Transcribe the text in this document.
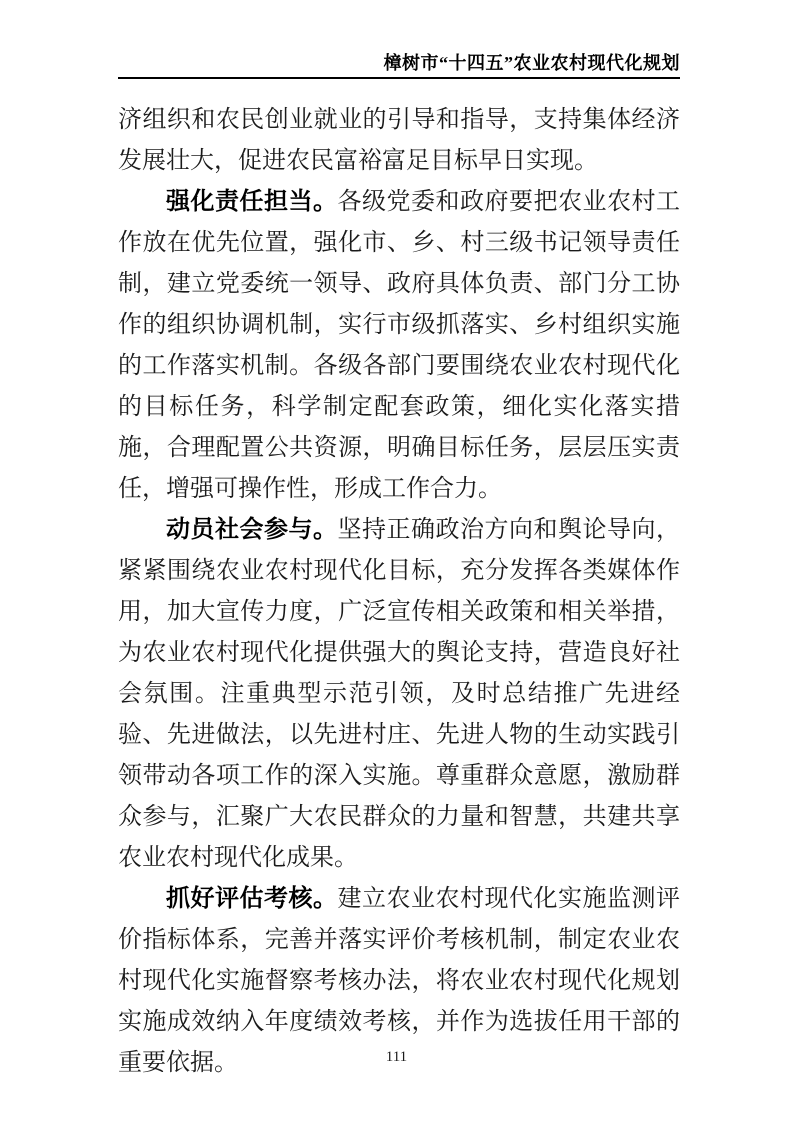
樟树市“十四五”农业农村现代化规划

济组织和农民创业就业的引导和指导，支持集体经济发展壮大，促进农民富裕富足目标早日实现。

强化责任担当。各级党委和政府要把农业农村工作放在优先位置，强化市、乡、村三级书记领导责任制，建立党委统一领导、政府具体负责、部门分工协作的组织协调机制，实行市级抓落实、乡村组织实施的工作落实机制。各级各部门要围绕农业农村现代化的目标任务，科学制定配套政策，细化实化落实措施，合理配置公共资源，明确目标任务，层层压实责任，增强可操作性，形成工作合力。

动员社会参与。坚持正确政治方向和舆论导向，紧紧围绕农业农村现代化目标，充分发挥各类媒体作用，加大宣传力度，广泛宣传相关政策和相关举措，为农业农村现代化提供强大的舆论支持，营造良好社会氛围。注重典型示范引领，及时总结推广先进经验、先进做法，以先进村庄、先进人物的生动实践引领带动各项工作的深入实施。尊重群众意愿，激励群众参与，汇聚广大农民群众的力量和智慧，共建共享农业农村现代化成果。

抓好评估考核。建立农业农村现代化实施监测评价指标体系，完善并落实评价考核机制，制定农业农村现代化实施督察考核办法，将农业农村现代化规划实施成效纳入年度绩效考核，并作为选拔任用干部的重要依据。	111
